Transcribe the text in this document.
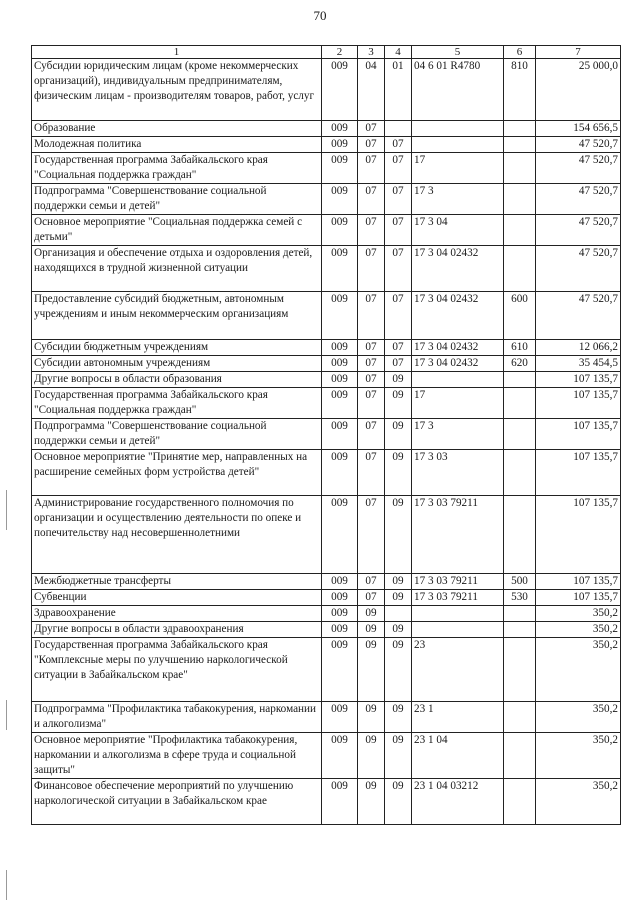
70
1	2	3	4	5	6	7
Субсидии юридическим лицам (кроме некоммерческих организаций), индивидуальным предпринимателям, физическим лицам - производителям товаров, работ, услуг	009	04	01	04 6 01 R4780	810	25 000,0
Образование	009	07				154 656,5
Молодежная политика	009	07	07			47 520,7
Государственная программа Забайкальского края "Социальная поддержка граждан"	009	07	07	17		47 520,7
Подпрограмма "Совершенствование социальной поддержки семьи и детей"	009	07	07	17 3		47 520,7
Основное мероприятие "Социальная поддержка семей с детьми"	009	07	07	17 3 04		47 520,7
Организация и обеспечение отдыха и оздоровления детей, находящихся в трудной жизненной ситуации	009	07	07	17 3 04 02432		47 520,7
Предоставление субсидий бюджетным, автономным учреждениям и иным некоммерческим организациям	009	07	07	17 3 04 02432	600	47 520,7
Субсидии бюджетным учреждениям	009	07	07	17 3 04 02432	610	12 066,2
Субсидии автономным учреждениям	009	07	07	17 3 04 02432	620	35 454,5
Другие вопросы в области образования	009	07	09			107 135,7
Государственная программа Забайкальского края "Социальная поддержка граждан"	009	07	09	17		107 135,7
Подпрограмма "Совершенствование социальной поддержки семьи и детей"	009	07	09	17 3		107 135,7
Основное мероприятие "Принятие мер, направленных на расширение семейных форм устройства детей"	009	07	09	17 3 03		107 135,7
Администрирование государственного полномочия по организации и осуществлению деятельности по опеке и попечительству над несовершеннолетними	009	07	09	17 3 03 79211		107 135,7
Межбюджетные трансферты	009	07	09	17 3 03 79211	500	107 135,7
Субвенции	009	07	09	17 3 03 79211	530	107 135,7
Здравоохранение	009	09				350,2
Другие вопросы в области здравоохранения	009	09	09			350,2
Государственная программа Забайкальского края "Комплексные меры по улучшению наркологической ситуации в Забайкальском крае"	009	09	09	23		350,2
Подпрограмма "Профилактика табакокурения, наркомании и алкоголизма"	009	09	09	23 1		350,2
Основное мероприятие "Профилактика табакокурения, наркомании и алкоголизма в сфере труда и социальной защиты"	009	09	09	23 1 04		350,2
Финансовое обеспечение мероприятий по улучшению наркологической ситуации в Забайкальском крае	009	09	09	23 1 04 03212		350,2
